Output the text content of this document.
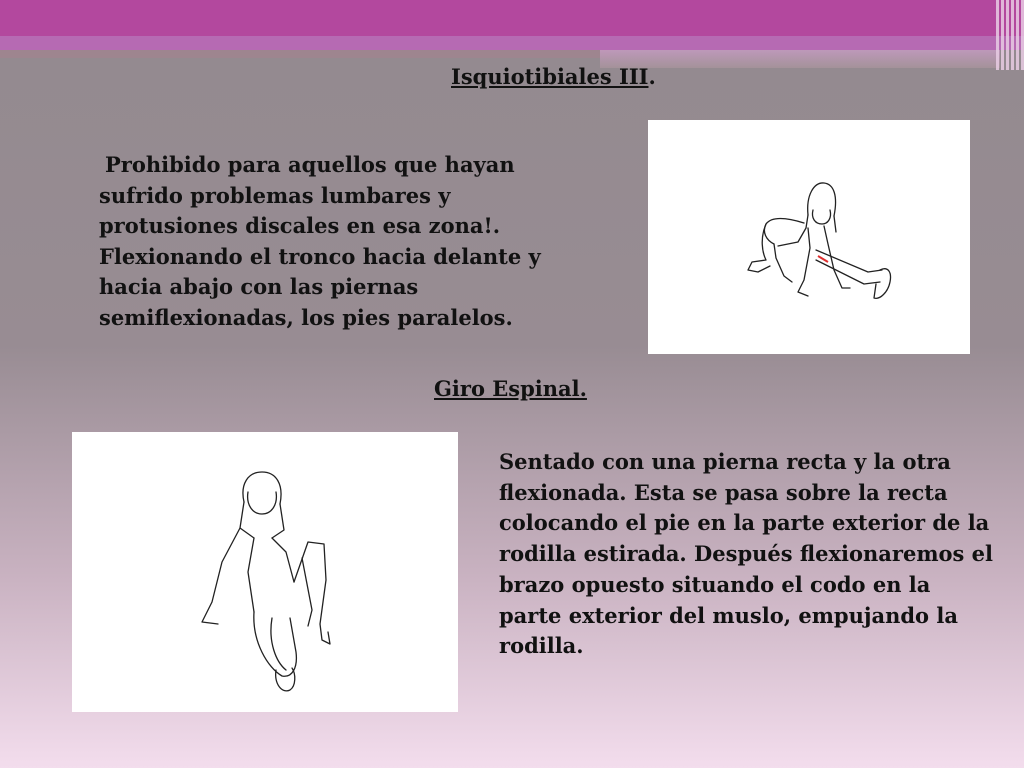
Isquiotibiales III.
Prohibido para aquellos que hayan sufrido problemas lumbares y protusiones discales en esa zona!. Flexionando el tronco hacia delante y hacia abajo con las piernas semiflexionadas, los pies paralelos.
Giro Espinal.
Sentado con una pierna recta y la otra flexionada. Esta se pasa sobre la recta colocando el pie en la parte exterior de la rodilla estirada. Después flexionaremos el brazo opuesto situando el codo en la parte exterior del muslo, empujando la rodilla.
